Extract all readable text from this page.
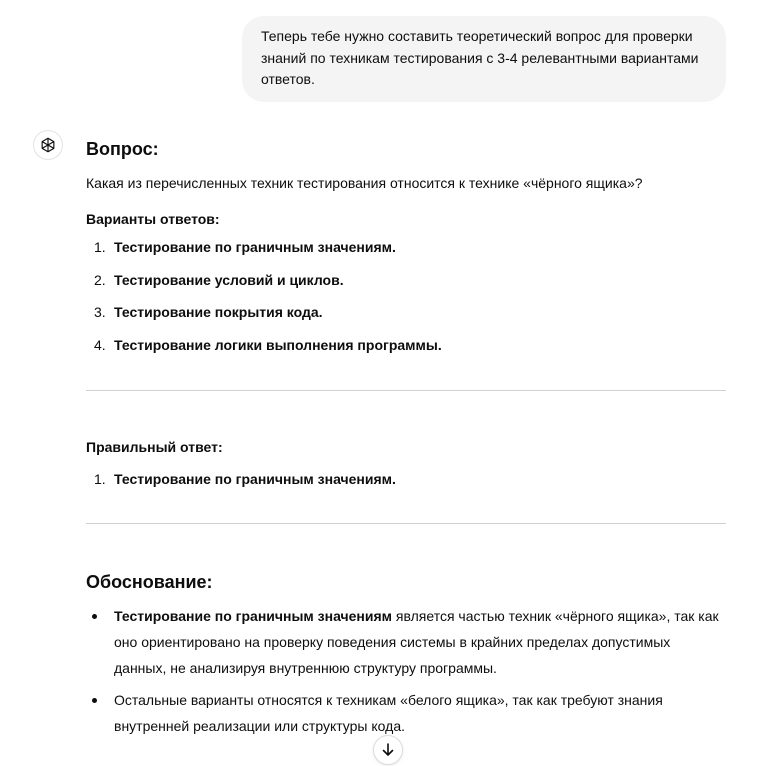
Теперь тебе нужно составить теоретический вопрос для проверки знаний по техникам тестирования с 3-4 релевантными вариантами ответов.
Вопрос:

Какая из перечисленных техник тестирования относится к технике «чёрного ящика»?

Варианты ответов:

1. Тестирование по граничным значениям.
2. Тестирование условий и циклов.
3. Тестирование покрытия кода.
4. Тестирование логики выполнения программы.

Правильный ответ:

1. Тестирование по граничным значениям.
Обоснование:
Тестирование по граничным значениям является частью техник «чёрного ящика», так как оно ориентировано на проверку поведения системы в крайних пределах допустимых данных, не анализируя внутреннюю структуру программы.
Остальные варианты относятся к техникам «белого ящика», так как требуют знания внутренней реализации или структуры кода.
